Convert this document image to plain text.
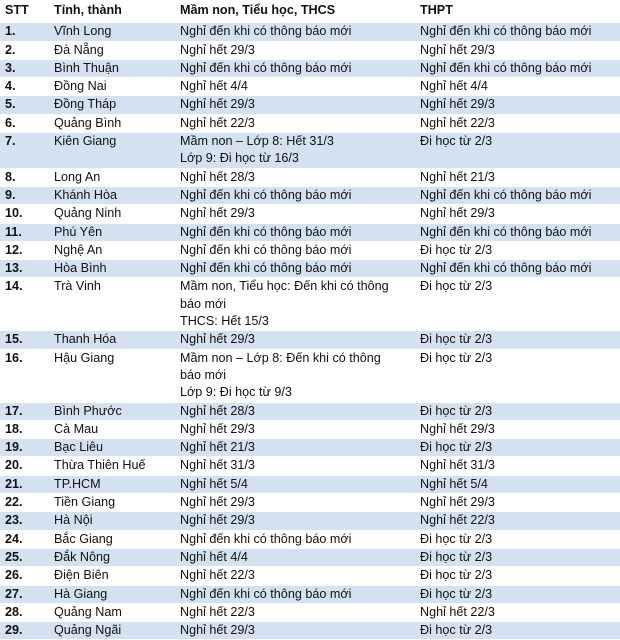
STT	Tỉnh, thành	Mầm non, Tiểu học, THCS	THPT
1.	Vĩnh Long	Nghỉ đến khi có thông báo mới	Nghỉ đến khi có thông báo mới
2.	Đà Nẵng	Nghỉ hết 29/3	Nghỉ hết 29/3
3.	Bình Thuận	Nghỉ đến khi có thông báo mới	Nghỉ đến khi có thông báo mới
4.	Đồng Nai	Nghỉ hết 4/4	Nghỉ hết 4/4
5.	Đồng Tháp	Nghỉ hết 29/3	Nghỉ hết 29/3
6.	Quảng Bình	Nghỉ hết 22/3	Nghỉ hết 22/3
7.	Kiên Giang	Mầm non – Lớp 8: Hết 31/3
Lớp 9: Đi học từ 16/3	Đi học từ 2/3
8.	Long An	Nghỉ hết 28/3	Nghỉ hết 21/3
9.	Khánh Hòa	Nghỉ đến khi có thông báo mới	Nghỉ đến khi có thông báo mới
10.	Quảng Ninh	Nghỉ hết 29/3	Nghỉ hết 29/3
11.	Phú Yên	Nghỉ đến khi có thông báo mới	Nghỉ đến khi có thông báo mới
12.	Nghệ An	Nghỉ đến khi có thông báo mới	Đi học từ 2/3
13.	Hòa Bình	Nghỉ đến khi có thông báo mới	Nghỉ đến khi có thông báo mới
14.	Trà Vinh	Mầm non, Tiểu học: Đến khi có thông
báo mới
THCS: Hết 15/3	Đi học từ 2/3
15.	Thanh Hóa	Nghỉ hết 29/3	Đi học từ 2/3
16.	Hậu Giang	Mầm non – Lớp 8: Đến khi có thông
báo mới
Lớp 9: Đi học từ 9/3	Đi học từ 2/3
17.	Bình Phước	Nghỉ hết 28/3	Đi học từ 2/3
18.	Cà Mau	Nghỉ hết 29/3	Nghỉ hết 29/3
19.	Bạc Liêu	Nghỉ hết 21/3	Đi học từ 2/3
20.	Thừa Thiên Huế	Nghỉ hết 31/3	Nghỉ hết 31/3
21.	TP.HCM	Nghỉ hết 5/4	Nghỉ hết 5/4
22.	Tiền Giang	Nghỉ hết 29/3	Nghỉ hết 29/3
23.	Hà Nội	Nghỉ hết 29/3	Nghỉ hết 22/3
24.	Bắc Giang	Nghỉ đến khi có thông báo mới	Đi học từ 2/3
25.	Đắk Nông	Nghỉ hết 4/4	Đi học từ 2/3
26.	Điện Biên	Nghỉ hết 22/3	Đi học từ 2/3
27.	Hà Giang	Nghỉ đến khi có thông báo mới	Đi học từ 2/3
28.	Quảng Nam	Nghỉ hết 22/3	Nghỉ hết 22/3
29.	Quảng Ngãi	Nghỉ hết 29/3	Đi học từ 2/3
